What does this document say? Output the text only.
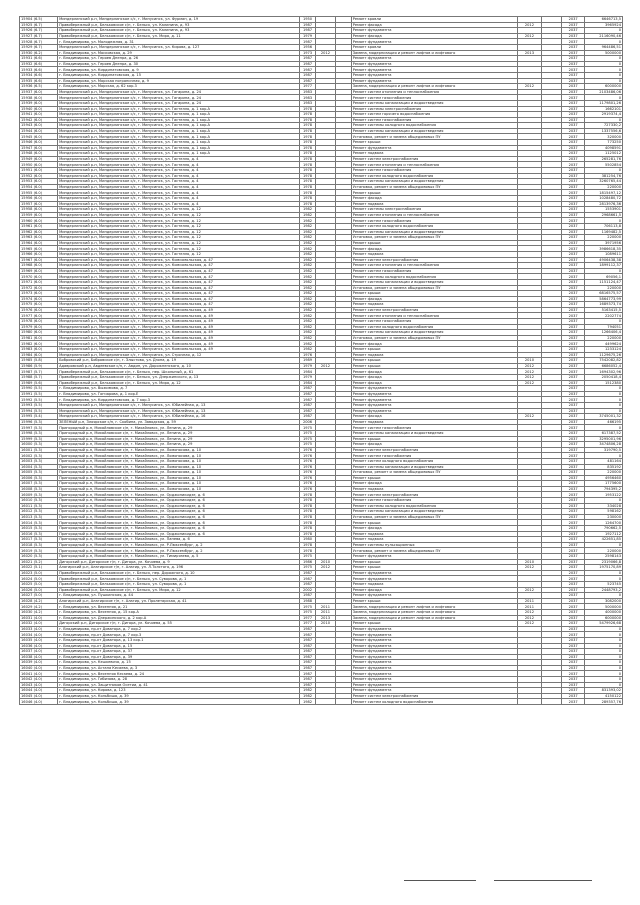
15904 (6.5)	Миндерлинский р-н, Миндерлинское с/с, г. Минусинск, ул. Фурман, д. 19	1950			Ремонт кровли			2037	6646713,5
15925 (6.7)	Правобережный р-н, Бельковское с/п, г. Бельск, ул. Калинина, д. 93	1987			Ремонт фасада	2012		2037	3965924
15926 (6.7)	Правобережный р-н, Бельковское с/п, г. Бельск, ул. Калинина, д. 93	1987			Ремонт фундамента			2037	0
15927 (6.7)	Правобережный р-н, Бельковское с/п, г. Бельск, ул. Мира, д. 11	1979			Ремонт фасада	2012		2037	2116090,46
15928 (6.7)	г. Владимирово, ул. Молодежная, д. 31	1987			Ремонт фундамента			2037	0
15929 (6.7)	Миндерлинский р-н, Миндерлинское с/с, г. Минусинск, ул. Кирова, д. 127	1956			Ремонт кровли			2037	964486,51
15930 (6.2)	г. Владимирово, ул. Московская, д. 29	1973	2012		Замена, модернизация и ремонт лифтов и лифтового	2013		2037	5000000
15931 (6.6)	г. Владимирово, ул. Героев Днепра, д. 26	1987			Ремонт фундамента			2037	0
15932 (6.6)	г. Владимирово, ул. Героев Днепра, д. 30	1987			Ремонт фундамента			2037	0
15933 (6.6)	г. Владимирово, ул. Кирдинатовская, д. 9	1987			Ремонт фундамента			2037	0
15934 (6.6)	г. Владимирово, ул. Кирдинатовская, д. 15	1987			Ремонт фундамента			2037	0
15935 (6.6)	г. Владимирово, ул. Морская пограничная, д. 9	1987			Ремонт фундамента			2037	0
15936 (6.5)	г. Владимирово, ул. Морская, д. 62 кор.3	1977			Замена, модернизация и ремонт лифтов и лифтового	2012		2037	6000000
15937 (6.0)	Миндерлинский р-н, Миндерлинское с/с, г. Минусинск, ул. Гагарина, д. 24	1983			Ремонт систем отопления и теплоснабжения			2037	2103486,06
15938 (6.0)	Миндерлинский р-н, Миндерлинское с/с, г. Минусинск, ул. Гагарина, д. 24	1983			Ремонт систем газоснабжения			2037	0
15939 (6.0)	Миндерлинский р-н, Миндерлинское с/с, г. Минусинск, ул. Гагарина, д. 24	1983			Ремонт системы канализации и водоотведения			2037	1179801,26
15940 (6.0)	Миндерлинский р-н, Миндерлинское с/с, г. Минусинск, ул. Гастелло, д. 1 кор.А	1978			Ремонт системы электроснабжения			2037	1662101
15941 (6.0)	Миндерлинский р-н, Миндерлинское с/с, г. Минусинск, ул. Гастелло, д. 1 кор.А	1978			Ремонт систем горячего водоснабжения			2037	2919374,4
15942 (6.0)	Миндерлинский р-н, Миндерлинское с/с, г. Минусинск, ул. Гастелло, д. 1 кор.А	1978			Ремонт систем газоснабжения			2037	0
15943 (6.0)	Миндерлинский р-н, Миндерлинское с/с, г. Минусинск, ул. Гастелло, д. 1 кор.А	1978			Ремонт системы холодного водоснабжения			2037	727330,2
15944 (6.0)	Миндерлинский р-н, Миндерлинское с/с, г. Минусинск, ул. Гастелло, д. 1 кор.А	1978			Ремонт системы канализации и водоотведения			2037	1337556,6
15945 (6.0)	Миндерлинский р-н, Миндерлинское с/с, г. Минусинск, ул. Гастелло, д. 1 кор.А	1978			Установка, ремонт и замена общедомовых ПУ			2037	320000
15946 (6.0)	Миндерлинский р-н, Миндерлинское с/с, г. Минусинск, ул. Гастелло, д. 1 кор.А	1978			Ремонт крыши			2037	773250
15947 (6.0)	Миндерлинский р-н, Миндерлинское с/с, г. Минусинск, ул. Гастелло, д. 1 кор.А	1978			Ремонт фундамента			2037	4098591
15948 (6.0)	Миндерлинский р-н, Миндерлинское с/с, г. Минусинск, ул. Гастелло, д. 1 кор.А	1978			Ремонт подвала			2037	1125012
15949 (6.0)	Миндерлинский р-н, Миндерлинское с/с, г. Минусинск, ул. Гастелло, д. 4	1978			Ремонт систем электроснабжения			2037	265281,76
15950 (6.0)	Миндерлинский р-н, Миндерлинское с/с, г. Минусинск, ул. Гастелло, д. 4	1978			Ремонт систем отопления и теплоснабжения			2037	5502854
15951 (6.0)	Миндерлинский р-н, Миндерлинское с/с, г. Минусинск, ул. Гастелло, д. 4	1978			Ремонт систем газоснабжения			2037	0
15952 (6.0)	Миндерлинский р-н, Миндерлинское с/с, г. Минусинск, ул. Гастелло, д. 4	1978			Ремонт систем холодного водоснабжения			2037	381254,76
15953 (6.0)	Миндерлинский р-н, Миндерлинское с/с, г. Минусинск, ул. Гастелло, д. 4	1978			Ремонт системы канализации и водоотведения			2037	3260765,44
15954 (6.0)	Миндерлинский р-н, Миндерлинское с/с, г. Минусинск, ул. Гастелло, д. 4	1978			Установка, ремонт и замена общедомовых ПУ			2037	220000
15955 (6.0)	Миндерлинский р-н, Миндерлинское с/с, г. Минусинск, ул. Гастелло, д. 4	1978			Ремонт крыши			2037	1815497,12
15956 (6.0)	Миндерлинский р-н, Миндерлинское с/с, г. Минусинск, ул. Гастелло, д. 4	1978			Ремонт фасада			2037	1028480,72
15957 (6.0)	Миндерлинский р-н, Миндерлинское с/с, г. Минусинск, ул. Гастелло, д. 4	1978			Ремонт подвала			2037	2813976,36
15958 (6.0)	Миндерлинский р-н, Миндерлинское с/с, г. Минусинск, ул. Гастелло, д. 12	1982			Ремонт системы электроснабжения			2037	1553901
15959 (6.0)	Миндерлинский р-н, Миндерлинское с/с, г. Минусинск, ул. Гастелло, д. 12	1982			Ремонт систем отопления и теплоснабжения			2037	2968661,5
15960 (6.0)	Миндерлинский р-н, Миндерлинское с/с, г. Минусинск, ул. Гастелло, д. 12	1982			Ремонт систем газоснабжения			2037	0
15961 (6.0)	Миндерлинский р-н, Миндерлинское с/с, г. Минусинск, ул. Гастелло, д. 12	1982			Ремонт систем холодного водоснабжения			2037	706113,8
15962 (6.0)	Миндерлинский р-н, Миндерлинское с/с, г. Минусинск, ул. Гастелло, д. 12	1982			Ремонт системы канализации и водоотведения			2037	1169482,5
15963 (6.0)	Миндерлинский р-н, Миндерлинское с/с, г. Минусинск, ул. Гастелло, д. 12	1982			Установка, ремонт и замена общедомовых ПУ			2037	220000
15964 (6.0)	Миндерлинский р-н, Миндерлинское с/с, г. Минусинск, ул. Гастелло, д. 12	1982			Ремонт крыши			2037	3971956
15965 (6.0)	Миндерлинский р-н, Миндерлинское с/с, г. Минусинск, ул. Гастелло, д. 12	1982			Ремонт фасада			2037	3986618,35
15966 (6.0)	Миндерлинский р-н, Миндерлинское с/с, г. Минусинск, ул. Гастелло, д. 12	1982			Ремонт подвала			2037	1089611
15967 (6.0)	Миндерлинский р-н, Миндерлинское с/с, г. Минусинск, ул. Комсомольская, д. 47	1982			Ремонт систем электроснабжения			2037	4906438,38
15968 (6.0)	Миндерлинский р-н, Миндерлинское с/с, г. Минусинск, ул. Комсомольская, д. 47	1982			Ремонт систем отопления и теплоснабжения			2037	1899112,37
15969 (6.0)	Миндерлинский р-н, Миндерлинское с/с, г. Минусинск, ул. Комсомольская, д. 47	1982			Ремонт систем газоснабжения			2037	0
15970 (6.0)	Миндерлинский р-н, Миндерлинское с/с, г. Минусинск, ул. Комсомольская, д. 47	1982			Ремонт системы холодного водоснабжения			2037	69056,1
15971 (6.0)	Миндерлинский р-н, Миндерлинское с/с, г. Минусинск, ул. Комсомольская, д. 47	1982			Ремонт системы канализации и водоотведения			2037	1151124,47
15972 (6.0)	Миндерлинский р-н, Миндерлинское с/с, г. Минусинск, ул. Комсомольская, д. 47	1982			Установка, ремонт и замена общедомовых ПУ			2037	220000
15973 (6.0)	Миндерлинский р-н, Миндерлинское с/с, г. Минусинск, ул. Комсомольская, д. 47	1982			Ремонт крыши			2037	6816575,57
15974 (6.0)	Миндерлинский р-н, Миндерлинское с/с, г. Минусинск, ул. Комсомольская, д. 47	1982			Ремонт фасада			2037	5864773,99
15975 (6.0)	Миндерлинский р-н, Миндерлинское с/с, г. Минусинск, ул. Комсомольская, д. 47	1982			Ремонт подвала			2037	1689373,74
15976 (6.0)	Миндерлинский р-н, Миндерлинское с/с, г. Минусинск, ул. Комсомольская, д. 49	1982			Ремонт систем электроснабжения			2037	5163415,5
15977 (6.0)	Миндерлинский р-н, Миндерлинское с/с, г. Минусинск, ул. Комсомольская, д. 49	1982			Ремонт систем отопления и теплоснабжения			2037	2202774
15978 (6.0)	Миндерлинский р-н, Миндерлинское с/с, г. Минусинск, ул. Комсомольская, д. 49	1982			Ремонт систем газоснабжения			2037	0
15979 (6.0)	Миндерлинский р-н, Миндерлинское с/с, г. Минусинск, ул. Комсомольская, д. 49	1982			Ремонт систем холодного водоснабжения			2037	794051
15980 (6.0)	Миндерлинский р-н, Миндерлинское с/с, г. Минусинск, ул. Комсомольская, д. 49	1982			Ремонт системы канализации и водоотведения			2037	1266406,4
15981 (6.0)	Миндерлинский р-н, Миндерлинское с/с, г. Минусинск, ул. Комсомольская, д. 49	1982			Установка, ремонт и замена общедомовых ПУ			2037	220000
15982 (6.0)	Миндерлинский р-н, Миндерлинское с/с, г. Минусинск, ул. Комсомольская, д. 49	1982			Ремонт фасада			2037	4499624
15983 (6.0)	Миндерлинский р-н, Миндерлинское с/с, г. Минусинск, ул. Комсомольская, д. 49	1982			Ремонт крыши			2037	1233124
15984 (6.0)	Миндерлинский р-н, Миндерлинское с/с, г. Минусинск, ул. Строчная, д. 12	1976			Ремонт подвала			2037	1129675,26
15985 (5.8)	Бобровский р-н, Бобровское с/п, г. Злыстово, ул. Дзона, д. 19	1989			Ремонт крыши	2010		2037	7542082,82
15986 (5.9)	Адавровский р-н, Авдеевское с/п, г. Авдин, ул. Дорожненского, д. 10	1979	2012		Ремонт крыши	2012		2037	6686052,4
15987 (5.7)	Правобережный р-н, Бельковское с/п, г. Бельск, пер. Школьный, д. 61	1984			Ремонт фасада	2012		2037	1694302,96
15988 (5.7)	Правобережный р-н, Бельковское с/п, г. Бельск, ул. Дзержинского, д. 13	1979			Ремонт фасада	2012		2037	2050418,4
15989 (5.6)	Правобережный р-н, Бельковское с/п, г. Бельск, ул. Мира, д. 12	1984			Ремонт фасада	2012		2037	1512380
15990 (5.5)	г. Владимирово, ул. Выжимова, д. 7	1987			Ремонт фундамента			2037	0
15991 (5.5)	г. Владимирово, ул. Гончарова, д. 1 кор.Е	1987			Ремонт фундамента			2037	0
15992 (5.5)	г. Владимирово, ул. Кирдинатовская, д. 7 кор.3	1987			Ремонт фундамента			2037	0
15993 (5.5)	Миндерлинский р-н, Миндерлинское с/с, г. Минусинск, ул. Юбилейная, д. 13	1987			Ремонт фундамента			2037	0
15994 (5.5)	Миндерлинский р-н, Миндерлинское с/с, г. Минусинск, ул. Юбилейная, д. 13	1987			Ремонт фундамента			2037	0
15995 (5.4)	Миндерлинский р-н, Миндерлинское с/с, г. Минусинск, ул. Юбилейная, д. 16	1987			Ремонт фасада	2012		2037	3745001,32
15996 (5.3)	ЗЕЛЕНЫЙ р-н, Злоярское с/п, г. Скобина, ул. Заводская, д. 59	2006			Ремонт подвала			2037	466195
15997 (5.3)	Пригородный р-н, Михайловское с/п, г. Михайловск, ул. Ленина, д. 29	1975			Ремонт систем газоснабжения			2037	0
15998 (5.3)	Пригородный р-н, Михайловское с/п, г. Михайловск, ул. Ленина, д. 29	1975			Ремонт системы канализации и водоотведения			2037	617387,52
15999 (5.3)	Пригородный р-н, Михайловское с/п, г. Михайловск, ул. Ленина, д. 29	1975			Ремонт крыши			2037	3295001,96
16000 (5.3)	Пригородный р-н, Михайловское с/п, г. Михайловск, ул. Ленина, д. 29	1975			Ремонт фасада			2037	3474806,28
16001 (5.3)	Пригородный р-н, Михайловское с/п, г. Михайловск, ул. Ломоносова, д. 10	1976			Ремонт систем электроснабжения			2037	319790,5
16002 (5.3)	Пригородный р-н, Михайловское с/п, г. Михайловск, ул. Ломоносова, д. 10	1976			Ремонт систем газоснабжения			2037	0
16003 (5.3)	Пригородный р-н, Михайловское с/п, г. Михайловск, ул. Ломоносова, д. 10	1976			Ремонт систем холодного водоснабжения			2037	481164
16004 (5.3)	Пригородный р-н, Михайловское с/п, г. Михайловск, ул. Ломоносова, д. 10	1976			Ремонт системы канализации и водоотведения			2037	835192
16005 (5.3)	Пригородный р-н, Михайловское с/п, г. Михайловск, ул. Ломоносова, д. 10	1976			Установка, ремонт и замена общедомовых ПУ			2037	220000
16006 (5.3)	Пригородный р-н, Михайловское с/п, г. Михайловск, ул. Ломоносова, д. 10	1976			Ремонт крыши			2037	4956460
16007 (5.3)	Пригородный р-н, Михайловское с/п, г. Михайловск, ул. Ломоносова, д. 10	1976			Ремонт фасада			2037	1775600
16008 (5.3)	Пригородный р-н, Михайловское с/п, г. Михайловск, ул. Ломоносова, д. 10	1976			Ремонт подвала			2037	794395,2
16009 (5.3)	Пригородный р-н, Михайловское с/п, г. Михайловск, ул. Орджоникидзе, д. 6	1978			Ремонт систем электроснабжения			2037	1953122
16010 (5.3)	Пригородный р-н, Михайловское с/п, г. Михайловск, ул. Орджоникидзе, д. 6	1978			Ремонт систем газоснабжения			2037	0
16011 (5.3)	Пригородный р-н, Михайловское с/п, г. Михайловск, ул. Орджоникидзе, д. 6	1978			Ремонт системы холодного водоснабжения			2037	334028
16012 (5.3)	Пригородный р-н, Михайловское с/п, г. Михайловск, ул. Орджоникидзе, д. 6	1978			Ремонт системы канализации и водоотведения			2037	598162
16013 (5.3)	Пригородный р-н, Михайловское с/п, г. Михайловск, ул. Орджоникидзе, д. 6	1978			Установка, ремонт и замена общедомовых ПУ			2037	230000
16014 (5.3)	Пригородный р-н, Михайловское с/п, г. Михайловск, ул. Орджоникидзе, д. 6	1978			Ремонт крыши			2037	1264700
16015 (5.3)	Пригородный р-н, Михайловское с/п, г. Михайловск, ул. Орджоникидзе, д. 6	1978			Ремонт фасада			2037	790662,5
16016 (5.3)	Пригородный р-н, Михайловское с/п, г. Михайловск, ул. Орджоникидзе, д. 6	1978			Ремонт подвала			2037	1927112
16017 (5.3)	Пригородный р-н, Михайловское с/п, г. Михайловск, ул. Панева, д. 6	1980			Ремонт подвала			2037	422651,85
16018 (5.3)	Пригородный р-н, Михайловское с/п, г. Михайловск, ул. Р.Люксембург, д. 2	1978			Ремонт системы пульсационных			2037	0
16019 (5.3)	Пригородный р-н, Михайловское с/п, г. Михайловск, ул. Р.Люксембург, д. 2	1978			Установка, ремонт и замена общедомовых ПУ			2037	220000
16020 (5.3)	Пригородный р-н, Михайловское с/п, г. Михайловск, ул. Тимирязева, д. 5	1975			Ремонт фундамента			2037	2598143
16021 (5.2)	Дигорский р-н, Дигорское г/п, г. Дигора, ул. Кочиева, д. 9	1986	2010		Ремонт крыши	2010		2037	2319066,8
16022 (5.1)	Алагирский р-н, Алагирское г/п, г. Алагир, ул. Л.Толстого, д. 196	1975	2012		Ремонт крыши	2012		2037	1975170,89
16023 (5.0)	Правобережный р-н, Бельковское с/п, г. Бельск, пер. Дорожного, д. 10	1987			Ремонт фундамента			2037	0
16024 (5.0)	Правобережный р-н, Бельковское с/п, г. Бельск, ул. Суворова, д. 1	1987			Ремонт фундамента			2037	0
16025 (5.0)	Правобережный р-н, Бельковское с/п, г. Бельск, ул. Суворова, д. 1	1987			Ремонт подвала			2037	523745
16026 (5.0)	Правобережный р-н, Бельковское с/п, г. Бельск, ул. Мира, д. 12	2002			Ремонт фасада	2012		2037	2448793,2
16027 (5.0)	г. Владимирово, ул. Пушкинская, д. 44	1987			Ремонт фундамента			2037	0
16028 (4.2)	Алагирский р-н, Алагирское г/п, г. Алагир, ул. Пролетарская, д. 41	1988			Ремонт крыши	2011		2037	3082000
16029 (4.2)	г. Владимирово, ул. Весенняя, д. 21	1975	2011		Замена, модернизация и ремонт лифтов и лифтового	2011		2037	5000000
16030 (4.2)	г. Владимирово, ул. Весенняя, д. 15 кор.А	1975	2011		Замена, модернизация и ремонт лифтов и лифтового	2012		2037	4000000
16031 (4.0)	г. Владимирово, ул. Дзержинского, д. 2 кор.А	1977	2013		Замена, модернизация и ремонт лифтов и лифтового	2012		2037	6000000
16032 (4.0)	Дигорский р-н, Дигорское г/п, г. Дигора, ул. Кочиева, д. 55	1977	2010		Ремонт крыши	2012		2037	5479926,68
16033 (4.0)	г. Владимирово, пр-кт Доватора, д. 7 кор.2	1987			Ремонт фундамента			2037	0
16034 (4.0)	г. Владимирово, пр-кт Доватора, д. 7 кор.3	1987			Ремонт фундамента			2037	0
16035 (4.0)	г. Владимирово, пр-кт Доватора, д. 13 кор.1	1987			Ремонт фундамента			2037	0
16036 (4.0)	г. Владимирово, пр-кт Доватора, д. 15	1987			Ремонт фундамента			2037	0
16037 (4.0)	г. Владимирово, пр-кт Доватора, д. 37	1987			Ремонт фундамента			2037	0
16038 (4.0)	г. Владимирово, пр-кт Доватора, д. 39	1987			Ремонт фундамента			2037	0
16039 (4.0)	г. Владимирово, ул. Кешкевича, д. 15	1987			Ремонт фундамента			2037	0
16040 (4.0)	г. Владимирово, ул. Астана Кесаева, д. 3	1987			Ремонт фундамента			2037	0
16041 (4.0)	г. Владимирово, ул. Весенняя Кесаева, д. 24	1987			Ремонт фундамента			2037	0
16042 (4.0)	г. Владимирово, ул. Гибизова, д. 28	1987			Ремонт фундамента			2037	0
16043 (4.0)	г. Владимирово, ул. Защитников Осетии, д. 41	1987			Ремонт фундамента			2037	0
16044 (4.0)	г. Владимирово, ул. Кирова, д. 123	1982			Ремонт фундамента			2037	831393,02
16045 (4.0)	г. Владимирово, ул. Кольбиша, д. 39	1982			Ремонт систем электроснабжения			2037	4150122
16046 (4.0)	г. Владимирово, ул. Кольбиша, д. 39	1982			Ремонт систем холодного водоснабжения			2037	289357,76
